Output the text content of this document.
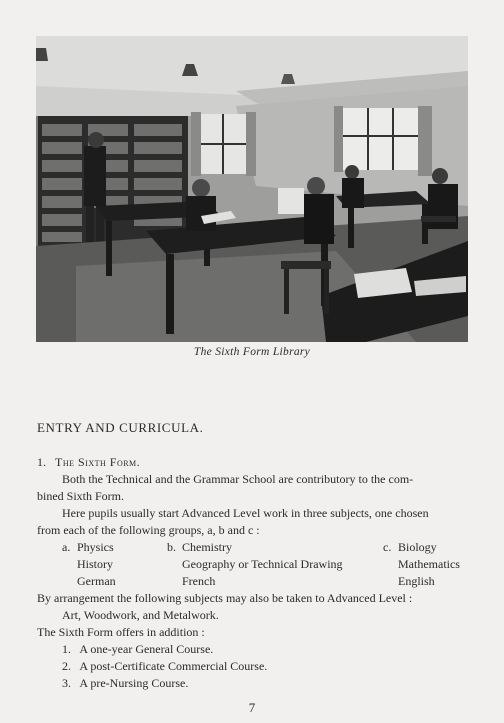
The Sixth Form Library
ENTRY AND CURRICULA.
1. The Sixth Form.
Both the Technical and the Grammar School are contributory to the com-
bined Sixth Form.
Here pupils usually start Advanced Level work in three subjects, one chosen
from each of the following groups, a, b and c :
a. Physics
History
German
b. Chemistry
Geography or Technical Drawing
French
c. Biology
Mathematics
English
By arrangement the following subjects may also be taken to Advanced Level :
Art, Woodwork, and Metalwork.
The Sixth Form offers in addition :
1. A one-year General Course.
2. A post-Certificate Commercial Course.
3. A pre-Nursing Course.
7
